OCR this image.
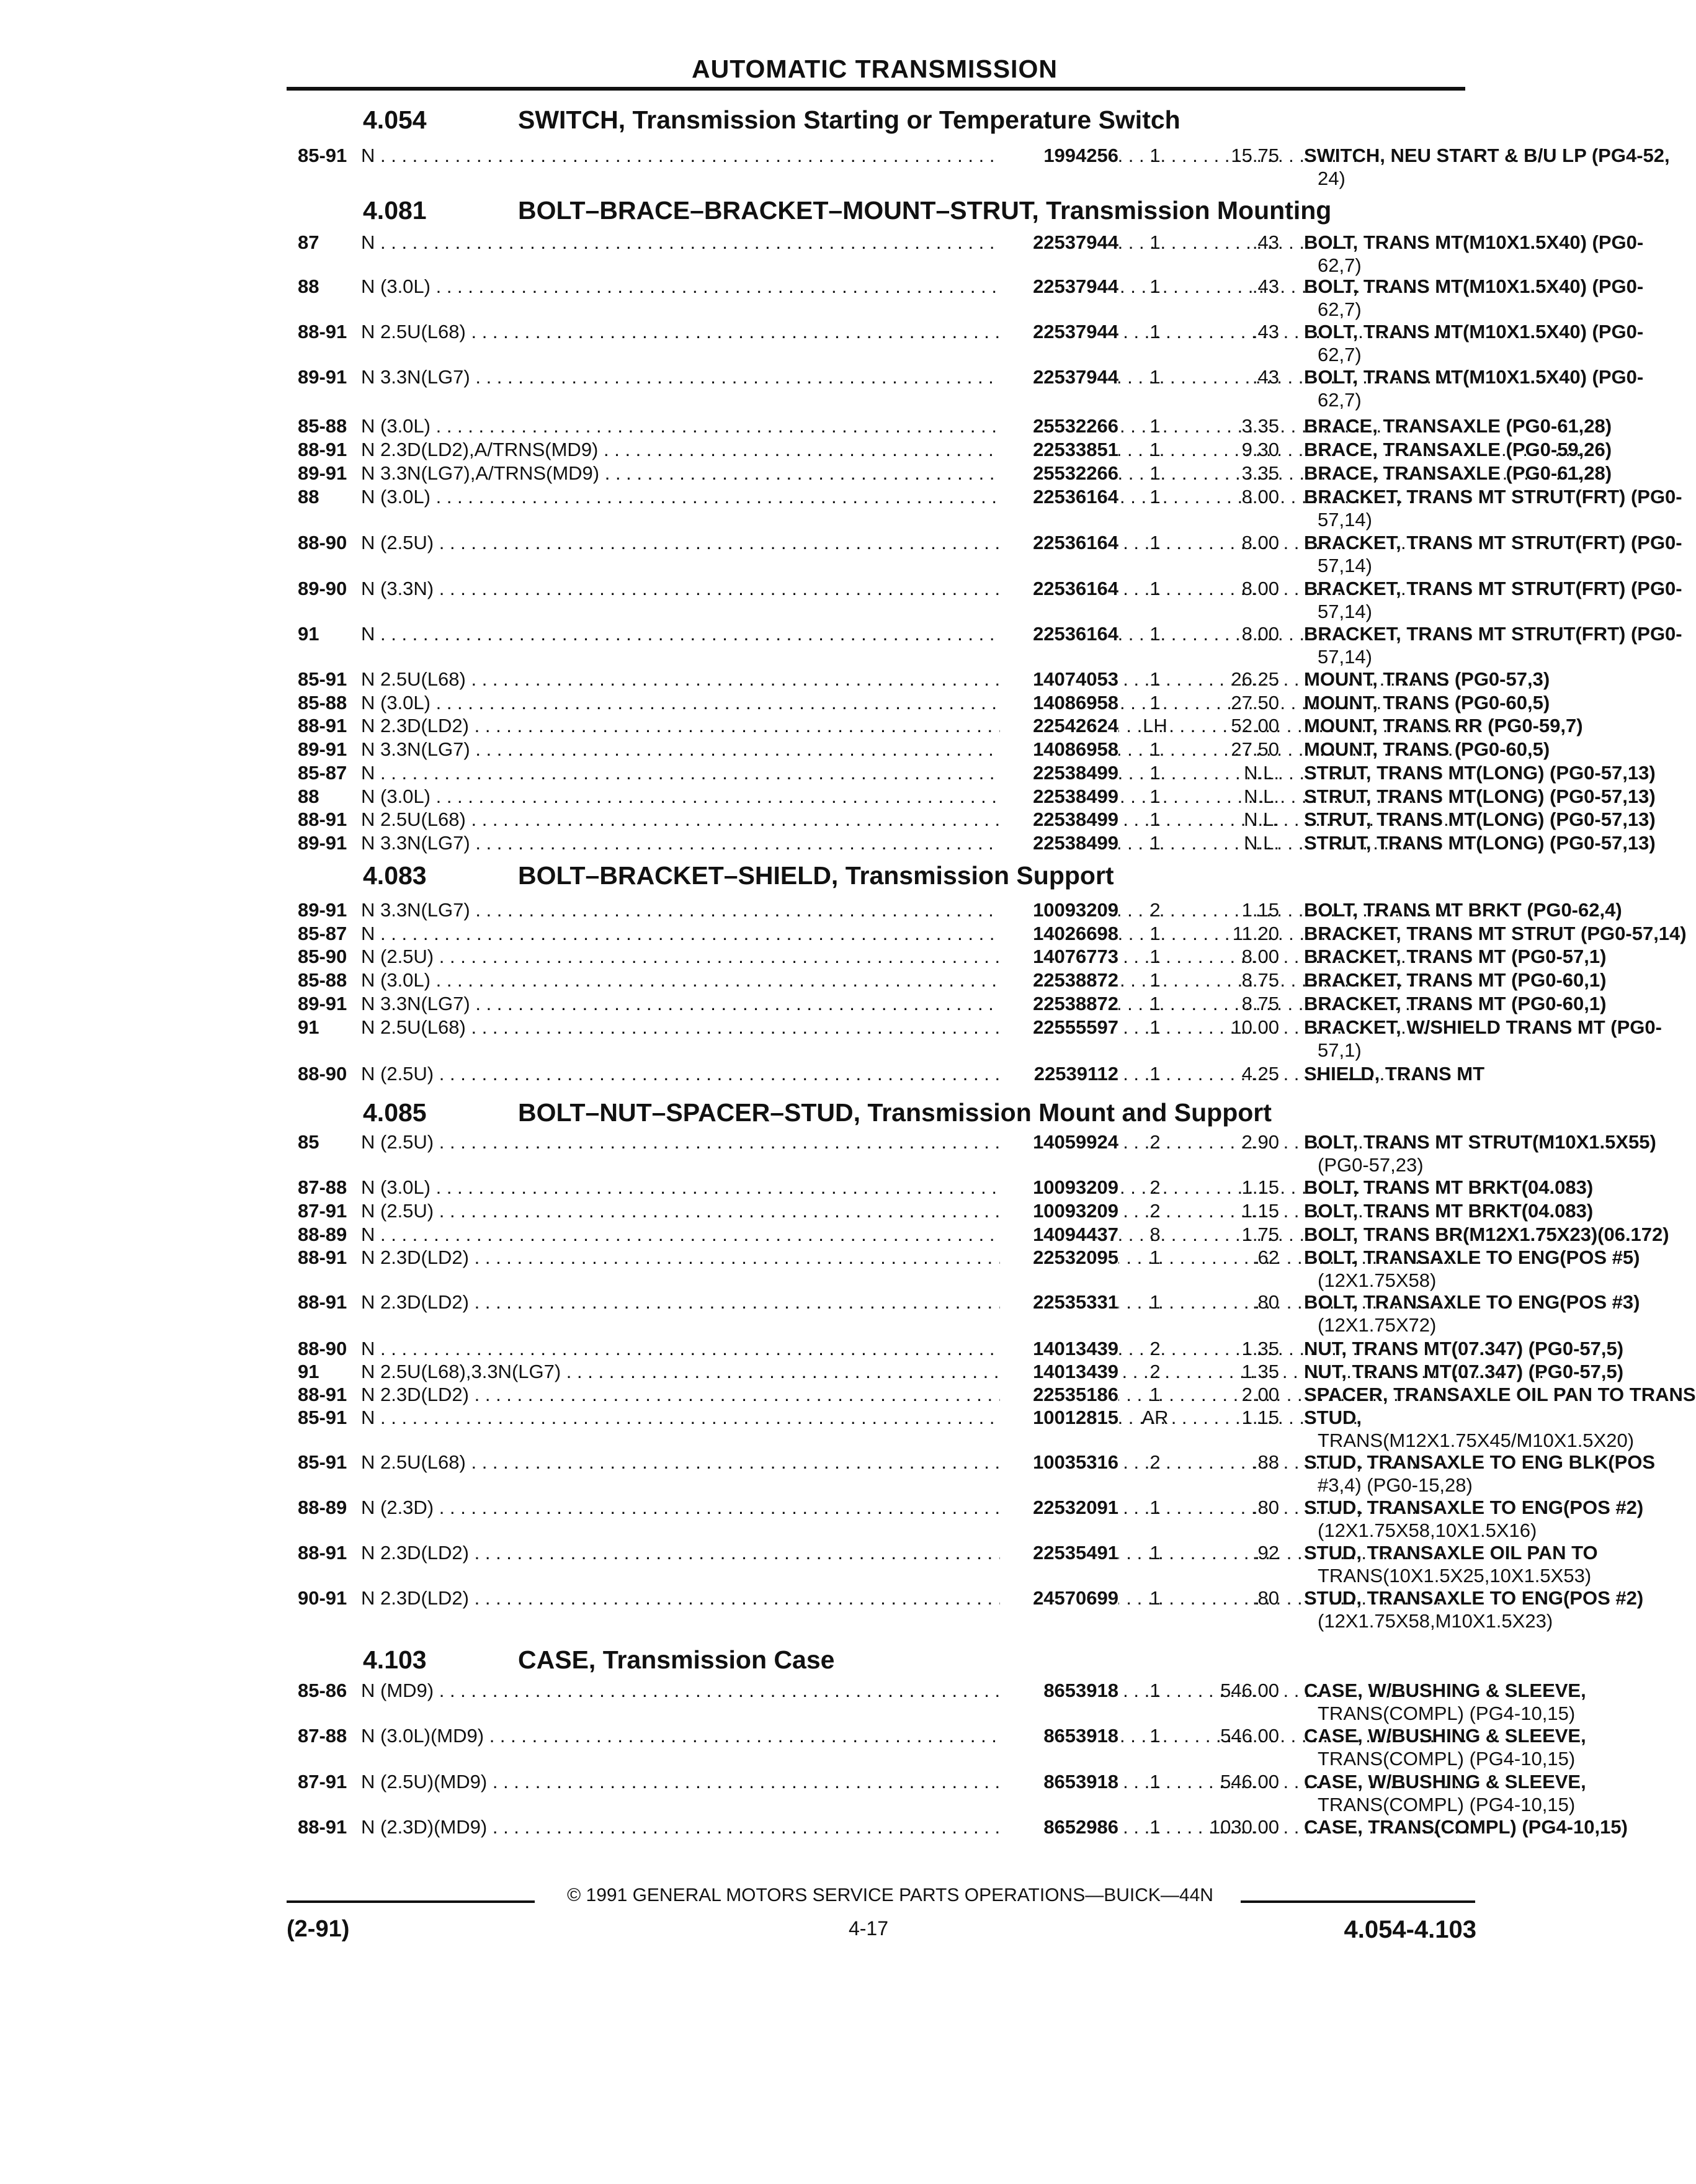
AUTOMATIC TRANSMISSION
4.054	SWITCH, Transmission Starting or Temperature Switch
85-91 N . . .	1994256	1	15.75 SWITCH, NEU START & B/U LP (PG4-52,
24)
4.081	BOLT–BRACE–BRACKET–MOUNT–STRUT, Transmission Mounting
87 N . . .	22537944	1	.43 BOLT, TRANS MT(M10X1.5X40) (PG0-
62,7)
88 N (3.0L) . . .	22537944	1	.43 BOLT, TRANS MT(M10X1.5X40) (PG0-
62,7)
88-91 N 2.5U(L68) . . .	22537944	1	.43 BOLT, TRANS MT(M10X1.5X40) (PG0-
62,7)
89-91 N 3.3N(LG7) . . .	22537944	1	.43 BOLT, TRANS MT(M10X1.5X40) (PG0-
62,7)
85-88 N (3.0L) . . .	25532266	1	3.35 BRACE, TRANSAXLE (PG0-61,28)
88-91 N 2.3D(LD2),A/TRNS(MD9) . . .	22533851	1	9.30 BRACE, TRANSAXLE (PG0-59,26)
89-91 N 3.3N(LG7),A/TRNS(MD9) . . .	25532266	1	3.35 BRACE, TRANSAXLE (PG0-61,28)
88 N (3.0L) . . .	22536164	1	8.00 BRACKET, TRANS MT STRUT(FRT) (PG0-
57,14)
88-90 N (2.5U) . . .	22536164	1	8.00 BRACKET, TRANS MT STRUT(FRT) (PG0-
57,14)
89-90 N (3.3N) . . .	22536164	1	8.00 BRACKET, TRANS MT STRUT(FRT) (PG0-
57,14)
91 N . . .	22536164	1	8.00 BRACKET, TRANS MT STRUT(FRT) (PG0-
57,14)
85-91 N 2.5U(L68) . . .	14074053	1	26.25 MOUNT, TRANS (PG0-57,3)
85-88 N (3.0L) . . .	14086958	1	27.50 MOUNT, TRANS (PG0-60,5)
88-91 N 2.3D(LD2) . . .	22542624 LH	52.00 MOUNT, TRANS RR (PG0-59,7)
89-91 N 3.3N(LG7) . . .	14086958	1	27.50 MOUNT, TRANS (PG0-60,5)
85-87 N . . .	22538499	1	N.L. STRUT, TRANS MT(LONG) (PG0-57,13)
88 N (3.0L) . . .	22538499	1	N.L. STRUT, TRANS MT(LONG) (PG0-57,13)
88-91 N 2.5U(L68) . . .	22538499	1	N.L. STRUT, TRANS MT(LONG) (PG0-57,13)
89-91 N 3.3N(LG7) . . .	22538499	1	N.L. STRUT, TRANS MT(LONG) (PG0-57,13)
4.083	BOLT–BRACKET–SHIELD, Transmission Support
89-91 N 3.3N(LG7) . . .	10093209	2	1.15 BOLT, TRANS MT BRKT (PG0-62,4)
85-87 N . . .	14026698	1	11.20 BRACKET, TRANS MT STRUT (PG0-57,14)
85-90 N (2.5U) . . .	14076773	1	8.00 BRACKET, TRANS MT (PG0-57,1)
85-88 N (3.0L) . . .	22538872	1	8.75 BRACKET, TRANS MT (PG0-60,1)
89-91 N 3.3N(LG7) . . .	22538872	1	8.75 BRACKET, TRANS MT (PG0-60,1)
91 N 2.5U(L68) . . .	22555597	1	10.00 BRACKET, W/SHIELD TRANS MT (PG0-
57,1)
88-90 N (2.5U) . . .	22539112	1	4.25 SHIELD, TRANS MT
4.085	BOLT–NUT–SPACER–STUD, Transmission Mount and Support
85 N (2.5U) . . .	14059924	2	2.90 BOLT, TRANS MT STRUT(M10X1.5X55)
(PG0-57,23)
87-88 N (3.0L) . . .	10093209	2	1.15 BOLT, TRANS MT BRKT(04.083)
87-91 N (2.5U) . . .	10093209	2	1.15 BOLT, TRANS MT BRKT(04.083)
88-89 N . . .	14094437	8	1.75 BOLT, TRANS BR(M12X1.75X23)(06.172)
88-91 N 2.3D(LD2) . . .	22532095	1	.62 BOLT, TRANSAXLE TO ENG(POS #5)
(12X1.75X58)
88-91 N 2.3D(LD2) . . .	22535331	1	.80 BOLT, TRANSAXLE TO ENG(POS #3)
(12X1.75X72)
88-90 N . . .	14013439	2	1.35 NUT, TRANS MT(07.347) (PG0-57,5)
91 N 2.5U(L68),3.3N(LG7) . . .	14013439	2	1.35 NUT, TRANS MT(07.347) (PG0-57,5)
88-91 N 2.3D(LD2) . . .	22535186	1	2.00 SPACER, TRANSAXLE OIL PAN TO TRANS
85-91 N . . .	10012815 AR	1.15 STUD,
TRANS(M12X1.75X45/M10X1.5X20)
85-91 N 2.5U(L68) . . .	10035316	2	.88 STUD, TRANSAXLE TO ENG BLK(POS
#3,4) (PG0-15,28)
88-89 N (2.3D) . . .	22532091	1	.80 STUD, TRANSAXLE TO ENG(POS #2)
(12X1.75X58,10X1.5X16)
88-91 N 2.3D(LD2) . . .	22535491	1	.92 STUD, TRANSAXLE OIL PAN TO
TRANS(10X1.5X25,10X1.5X53)
90-91 N 2.3D(LD2) . . .	24570699	1	.80 STUD, TRANSAXLE TO ENG(POS #2)
(12X1.75X58,M10X1.5X23)
4.103	CASE, Transmission Case
85-86 N (MD9) . . .	8653918	1	546.00 CASE, W/BUSHING & SLEEVE,
TRANS(COMPL) (PG4-10,15)
87-88 N (3.0L)(MD9) . . .	8653918	1	546.00 CASE, W/BUSHING & SLEEVE,
TRANS(COMPL) (PG4-10,15)
87-91 N (2.5U)(MD9) . . .	8653918	1	546.00 CASE, W/BUSHING & SLEEVE,
TRANS(COMPL) (PG4-10,15)
88-91 N (2.3D)(MD9) . . .	8652986	1	1030.00 CASE, TRANS(COMPL) (PG4-10,15)
© 1991 GENERAL MOTORS SERVICE PARTS OPERATIONS—BUICK—44N
(2-91)	4-17	4.054-4.103
